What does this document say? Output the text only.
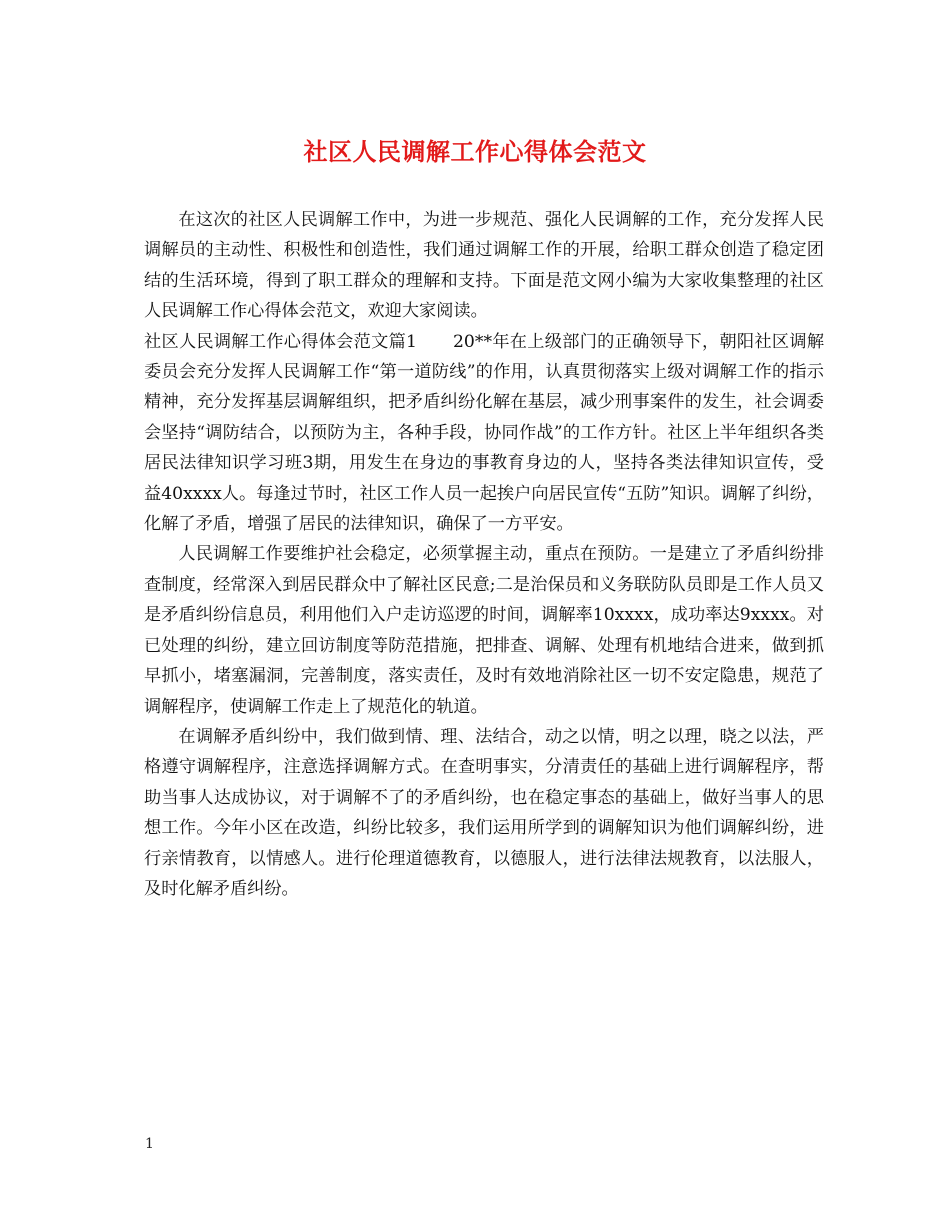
社区人民调解工作心得体会范文

在这次的社区人民调解工作中，为进一步规范、强化人民调解的工作，充分发挥人民调解员的主动性、积极性和创造性，我们通过调解工作的开展，给职工群众创造了稳定团结的生活环境，得到了职工群众的理解和支持。下面是范文网小编为大家收集整理的社区人民调解工作心得体会范文，欢迎大家阅读。

社区人民调解工作心得体会范文篇1 20**年在上级部门的正确领导下，朝阳社区调解委员会充分发挥人民调解工作“第一道防线”的作用，认真贯彻落实上级对调解工作的指示精神，充分发挥基层调解组织，把矛盾纠纷化解在基层，减少刑事案件的发生，社会调委会坚持“调防结合，以预防为主，各种手段，协同作战”的工作方针。社区上半年组织各类居民法律知识学习班3期，用发生在身边的事教育身边的人，坚持各类法律知识宣传，受益40xxxx人。每逢过节时，社区工作人员一起挨户向居民宣传“五防”知识。调解了纠纷，化解了矛盾，增强了居民的法律知识，确保了一方平安。

人民调解工作要维护社会稳定，必须掌握主动，重点在预防。一是建立了矛盾纠纷排查制度，经常深入到居民群众中了解社区民意;二是治保员和义务联防队员即是工作人员又是矛盾纠纷信息员，利用他们入户走访巡逻的时间，调解率10xxxx，成功率达9xxxx。对已处理的纠纷，建立回访制度等防范措施，把排查、调解、处理有机地结合进来，做到抓早抓小，堵塞漏洞，完善制度，落实责任，及时有效地消除社区一切不安定隐患，规范了调解程序，使调解工作走上了规范化的轨道。

在调解矛盾纠纷中，我们做到情、理、法结合，动之以情，明之以理，晓之以法，严格遵守调解程序，注意选择调解方式。在查明事实，分清责任的基础上进行调解程序，帮助当事人达成协议，对于调解不了的矛盾纠纷，也在稳定事态的基础上，做好当事人的思想工作。今年小区在改造，纠纷比较多，我们运用所学到的调解知识为他们调解纠纷，进行亲情教育，以情感人。进行伦理道德教育，以德服人，进行法律法规教育，以法服人，及时化解矛盾纠纷。

1
